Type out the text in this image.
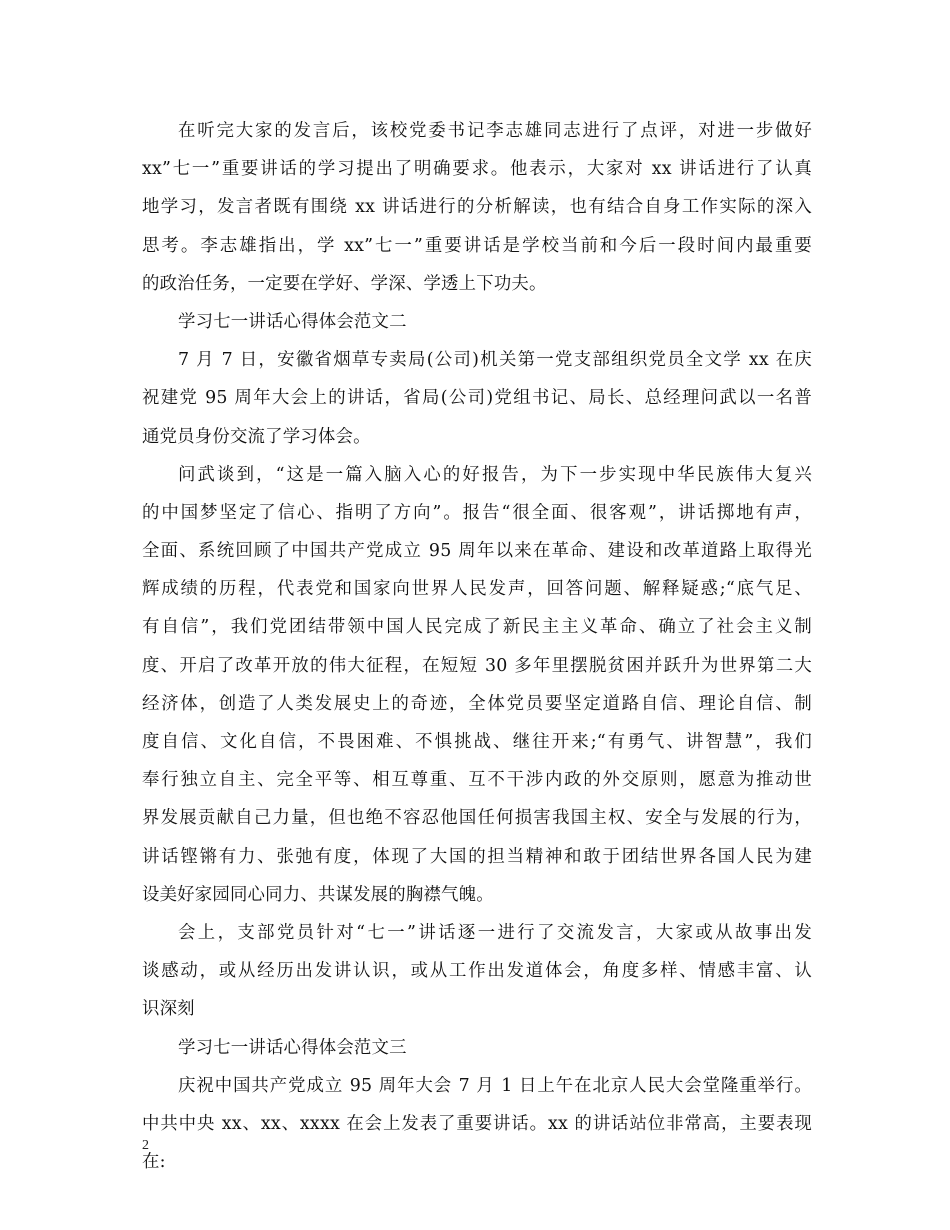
在听完大家的发言后，该校党委书记李志雄同志进行了点评，对进一步做好
xx”七一”重要讲话的学习提出了明确要求。他表示，大家对 xx 讲话进行了认真
地学习，发言者既有围绕 xx 讲话进行的分析解读，也有结合自身工作实际的深入
思考。李志雄指出，学 xx”七一”重要讲话是学校当前和今后一段时间内最重要
的政治任务，一定要在学好、学深、学透上下功夫。
学习七一讲话心得体会范文二
7 月 7 日，安徽省烟草专卖局(公司)机关第一党支部组织党员全文学 xx 在庆
祝建党 95 周年大会上的讲话，省局(公司)党组书记、局长、总经理问武以一名普
通党员身份交流了学习体会。
问武谈到，“这是一篇入脑入心的好报告，为下一步实现中华民族伟大复兴
的中国梦坚定了信心、指明了方向”。报告“很全面、很客观”，讲话掷地有声，
全面、系统回顾了中国共产党成立 95 周年以来在革命、建设和改革道路上取得光
辉成绩的历程，代表党和国家向世界人民发声，回答问题、解释疑惑;“底气足、
有自信”，我们党团结带领中国人民完成了新民主主义革命、确立了社会主义制
度、开启了改革开放的伟大征程，在短短 30 多年里摆脱贫困并跃升为世界第二大
经济体，创造了人类发展史上的奇迹，全体党员要坚定道路自信、理论自信、制
度自信、文化自信，不畏困难、不惧挑战、继往开来;“有勇气、讲智慧”，我们
奉行独立自主、完全平等、相互尊重、互不干涉内政的外交原则，愿意为推动世
界发展贡献自己力量，但也绝不容忍他国任何损害我国主权、安全与发展的行为，
讲话铿锵有力、张弛有度，体现了大国的担当精神和敢于团结世界各国人民为建
设美好家园同心同力、共谋发展的胸襟气魄。
会上，支部党员针对“七一”讲话逐一进行了交流发言，大家或从故事出发
谈感动，或从经历出发讲认识，或从工作出发道体会，角度多样、情感丰富、认
识深刻
学习七一讲话心得体会范文三
庆祝中国共产党成立 95 周年大会 7 月 1 日上午在北京人民大会堂隆重举行。
中共中央 xx、xx、xxxx 在会上发表了重要讲话。xx 的讲话站位非常高，主要表现
在:
2
